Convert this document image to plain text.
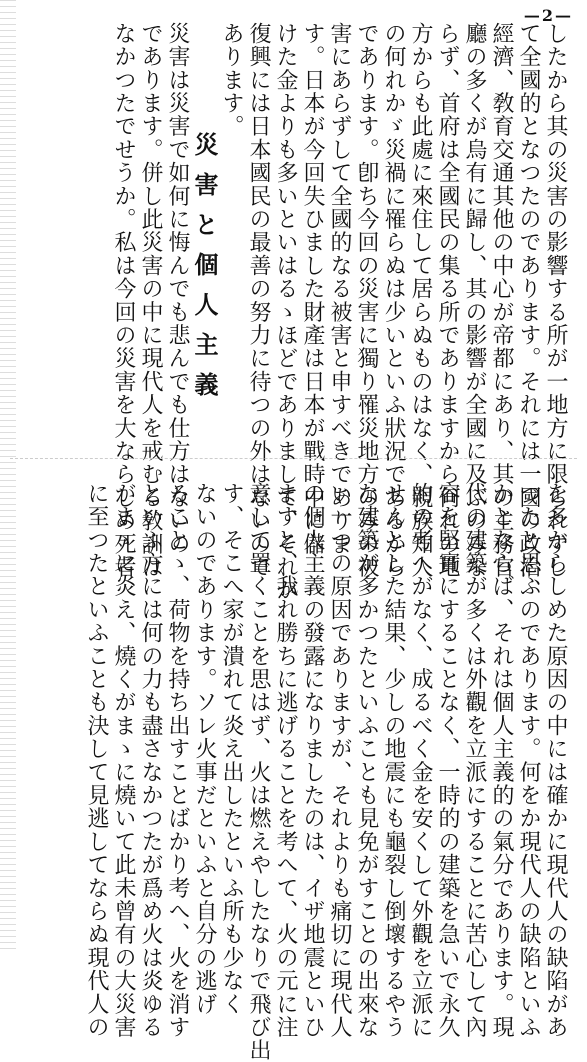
—2—
したから其の災害の影響する所が一地方に限られずし
て全國的となつたのであります。それには一國の政治、
經濟、敎育交通其他の中心が帝都にあり、其の主務官
廳の多くが烏有に歸し、其の影響が全國に及ぶのみな
らず、首府は全國民の集る所でありますから何れの地
方からも此處に來住して居らぬものはなく、親族知人
の何れかゞ災禍に罹らぬは少いといふ狀況であるから
であります。卽ち今回の災害に獨り罹災地方のみの被
害にあらずして全國的なる被害と申すべきでありま
す。日本が今回失ひました財產は日本が戰時中に儲
けた金よりも多いといはるゝほどでありまして、それが
復興には日本國民の最善の努力に待つの外はないので
あります。
災害と個人主義
災害は災害で如何に悔んでも悲んでも仕方はないの
であります。併し此災害の中に現代人を戒むる敎訓は
なかつたでせうか。私は今回の災害を大ならしめ死者
を多からしめた原因の中には確かに現代人の缺陷があ
つたと思ふのであります。何をか現代人の缺陷といふ
かとならば、それは個人主義的の氣分であります。現
代の建築が多くは外觀を立派にすることに苦心して內
容を堅實にすることなく、一時的の建築を急いで永久
的の考へがなく、成るべく金を安くして外觀を立派に
せんとした結果、少しの地震にも龜裂し倒壞するやう
な建築が多かつたといふことも見免がすことの出來な
い一つの原因でありますが、それよりも痛切に現代人
の個人主義の發露になりましたのは、イザ地震といひ
ますと、我れ勝ちに逃げることを考へて、火の元に注
意して置くことを思はず、火は燃えやしたなりで飛び出
す、そこへ家が潰れて炎え出したといふ所も少なく
ないのであります。ソレ火事だといふと自分の逃げ
ることゝ、荷物を持ち出すことばかり考へ、火を消す
といふ方には何の力も盡さなかつたが爲め火は炎ゆる
がまゝに炎え、燒くがまゝに燒いて此未曾有の大災害
に至つたといふことも決して見逃してならぬ現代人の
